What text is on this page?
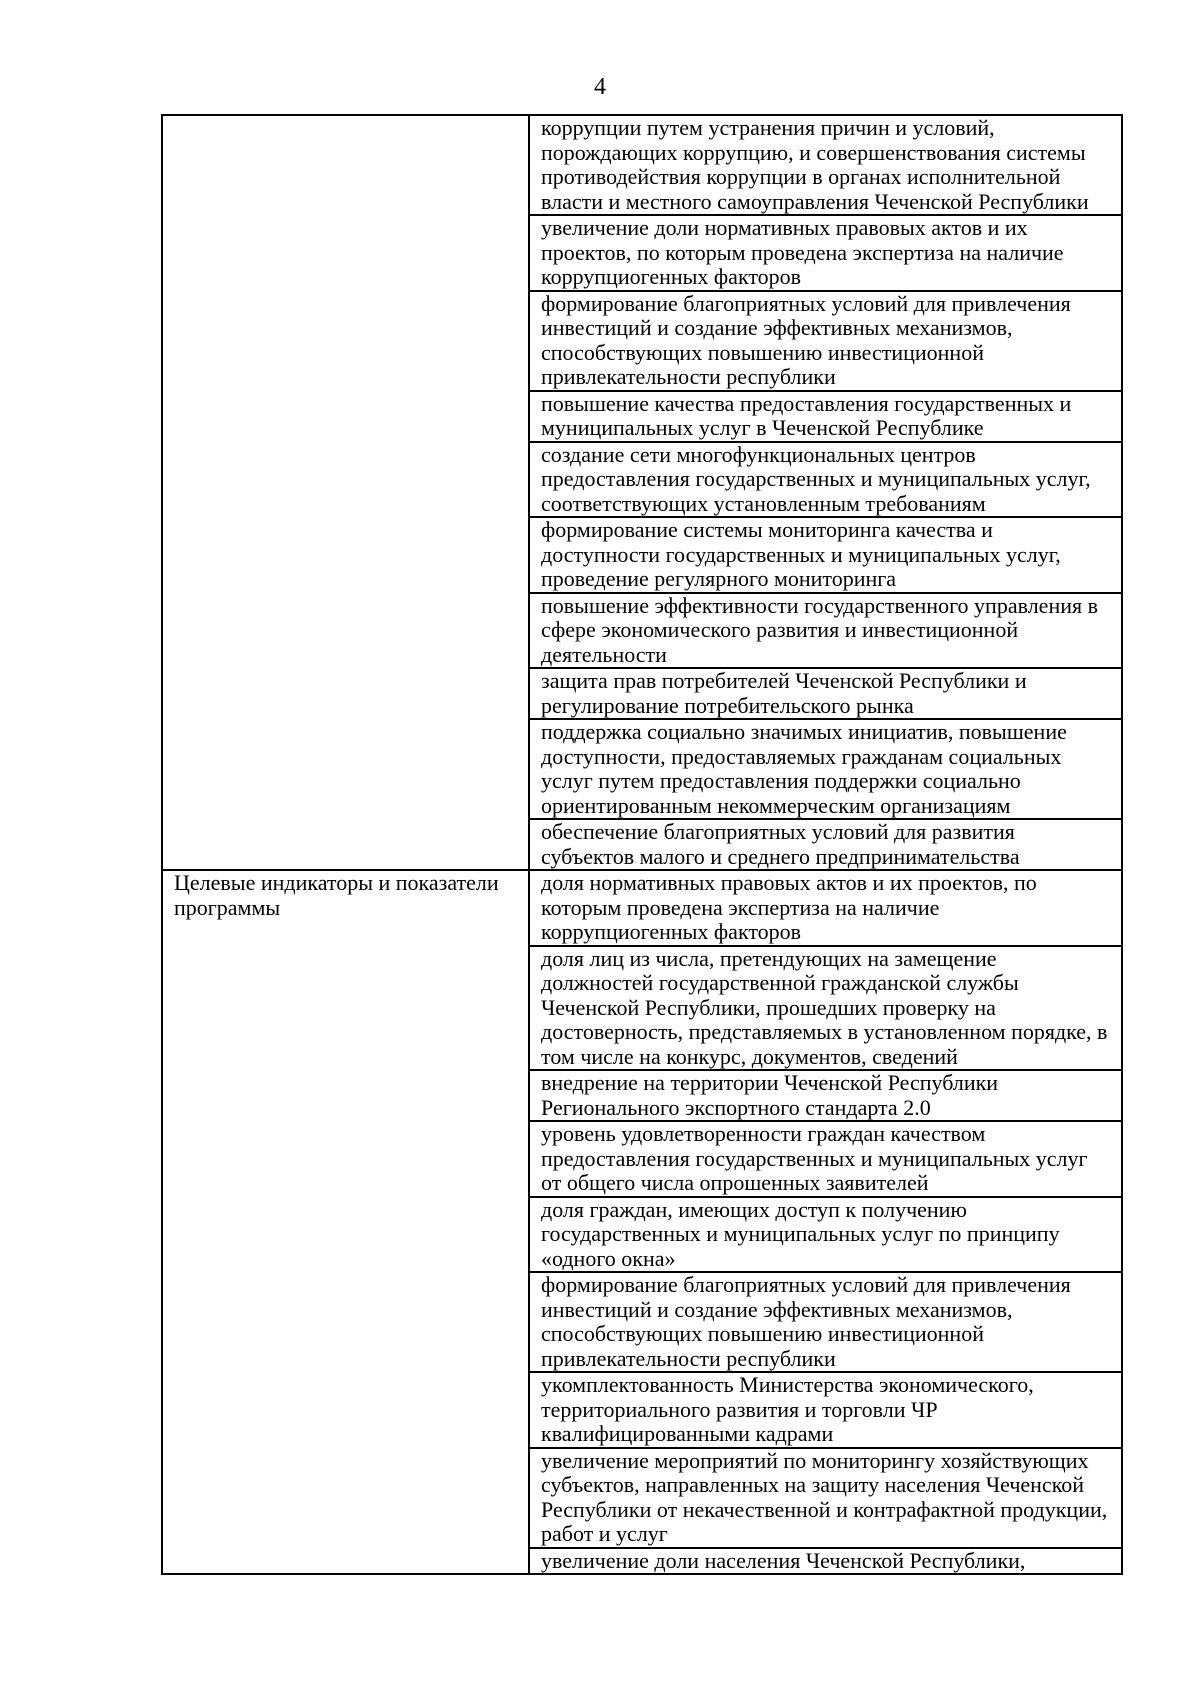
4
	коррупции путем устранения причин и условий, порождающих коррупцию, и совершенствования системы противодействия коррупции в органах исполнительной власти и местного самоуправления Чеченской Республики
	увеличение доли нормативных правовых актов и их проектов, по которым проведена экспертиза на наличие коррупциогенных факторов
	формирование благоприятных условий для привлечения инвестиций и создание эффективных механизмов, способствующих повышению инвестиционной привлекательности республики
	повышение качества предоставления государственных и муниципальных услуг в Чеченской Республике
	создание сети многофункциональных центров предоставления государственных и муниципальных услуг, соответствующих установленным требованиям
	формирование системы мониторинга качества и доступности государственных и муниципальных услуг, проведение регулярного мониторинга
	повышение эффективности государственного управления в сфере экономического развития и инвестиционной деятельности
	защита прав потребителей Чеченской Республики и регулирование потребительского рынка
	поддержка социально значимых инициатив, повышение доступности, предоставляемых гражданам социальных услуг путем предоставления поддержки социально ориентированным некоммерческим организациям
	обеспечение благоприятных условий для развития субъектов малого и среднего предпринимательства
Целевые индикаторы и показатели программы	доля нормативных правовых актов и их проектов, по которым проведена экспертиза на наличие коррупциогенных факторов
	доля лиц из числа, претендующих на замещение должностей государственной гражданской службы Чеченской Республики, прошедших проверку на достоверность, представляемых в установленном порядке, в том числе на конкурс, документов, сведений
	внедрение на территории Чеченской Республики Регионального экспортного стандарта 2.0
	уровень удовлетворенности граждан качеством предоставления государственных и муниципальных услуг от общего числа опрошенных заявителей
	доля граждан, имеющих доступ к получению государственных и муниципальных услуг по принципу «одного окна»
	формирование благоприятных условий для привлечения инвестиций и создание эффективных механизмов, способствующих повышению инвестиционной привлекательности республики
	укомплектованность Министерства экономического, территориального развития и торговли ЧР квалифицированными кадрами
	увеличение мероприятий по мониторингу хозяйствующих субъектов, направленных на защиту населения Чеченской Республики от некачественной и контрафактной продукции, работ и услуг
	увеличение доли населения Чеченской Республики,
